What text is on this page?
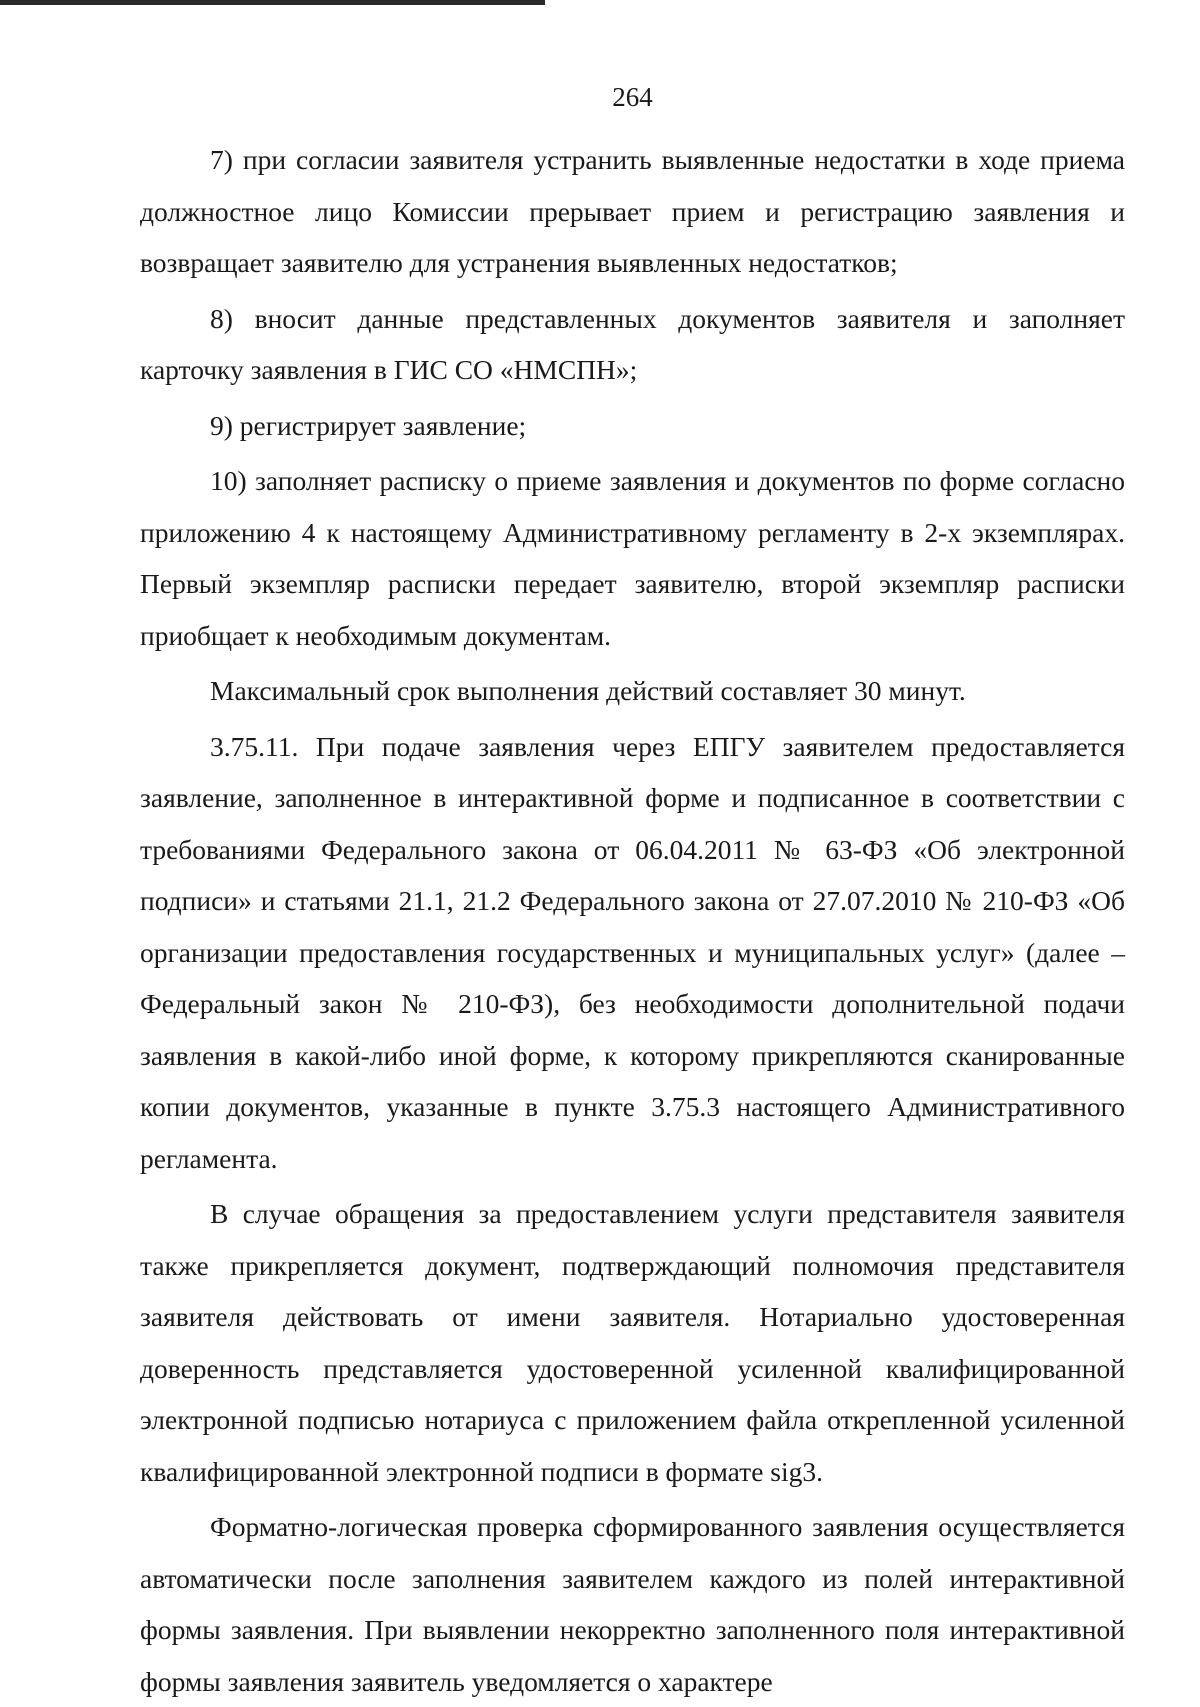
264

7) при согласии заявителя устранить выявленные недостатки в ходе приема должностное лицо Комиссии прерывает прием и регистрацию заявления и возвращает заявителю для устранения выявленных недостатков;

8) вносит данные представленных документов заявителя и заполняет карточку заявления в ГИС СО «НМСПН»;

9) регистрирует заявление;

10) заполняет расписку о приеме заявления и документов по форме согласно приложению 4 к настоящему Административному регламенту в 2-х экземплярах. Первый экземпляр расписки передает заявителю, второй экземпляр расписки приобщает к необходимым документам.

Максимальный срок выполнения действий составляет 30 минут.

3.75.11. При подаче заявления через ЕПГУ заявителем предоставляется заявление, заполненное в интерактивной форме и подписанное в соответствии с требованиями Федерального закона от 06.04.2011 № 63-ФЗ «Об электронной подписи» и статьями 21.1, 21.2 Федерального закона от 27.07.2010 № 210-ФЗ «Об организации предоставления государственных и муниципальных услуг» (далее – Федеральный закон № 210-ФЗ), без необходимости дополнительной подачи заявления в какой-либо иной форме, к которому прикрепляются сканированные копии документов, указанные в пункте 3.75.3 настоящего Административного регламента.

В случае обращения за предоставлением услуги представителя заявителя также прикрепляется документ, подтверждающий полномочия представителя заявителя действовать от имени заявителя. Нотариально удостоверенная доверенность представляется удостоверенной усиленной квалифицированной электронной подписью нотариуса с приложением файла открепленной усиленной квалифицированной электронной подписи в формате sig3.

Форматно-логическая проверка сформированного заявления осуществляется автоматически после заполнения заявителем каждого из полей интерактивной формы заявления. При выявлении некорректно заполненного поля интерактивной формы заявления заявитель уведомляется о характере
